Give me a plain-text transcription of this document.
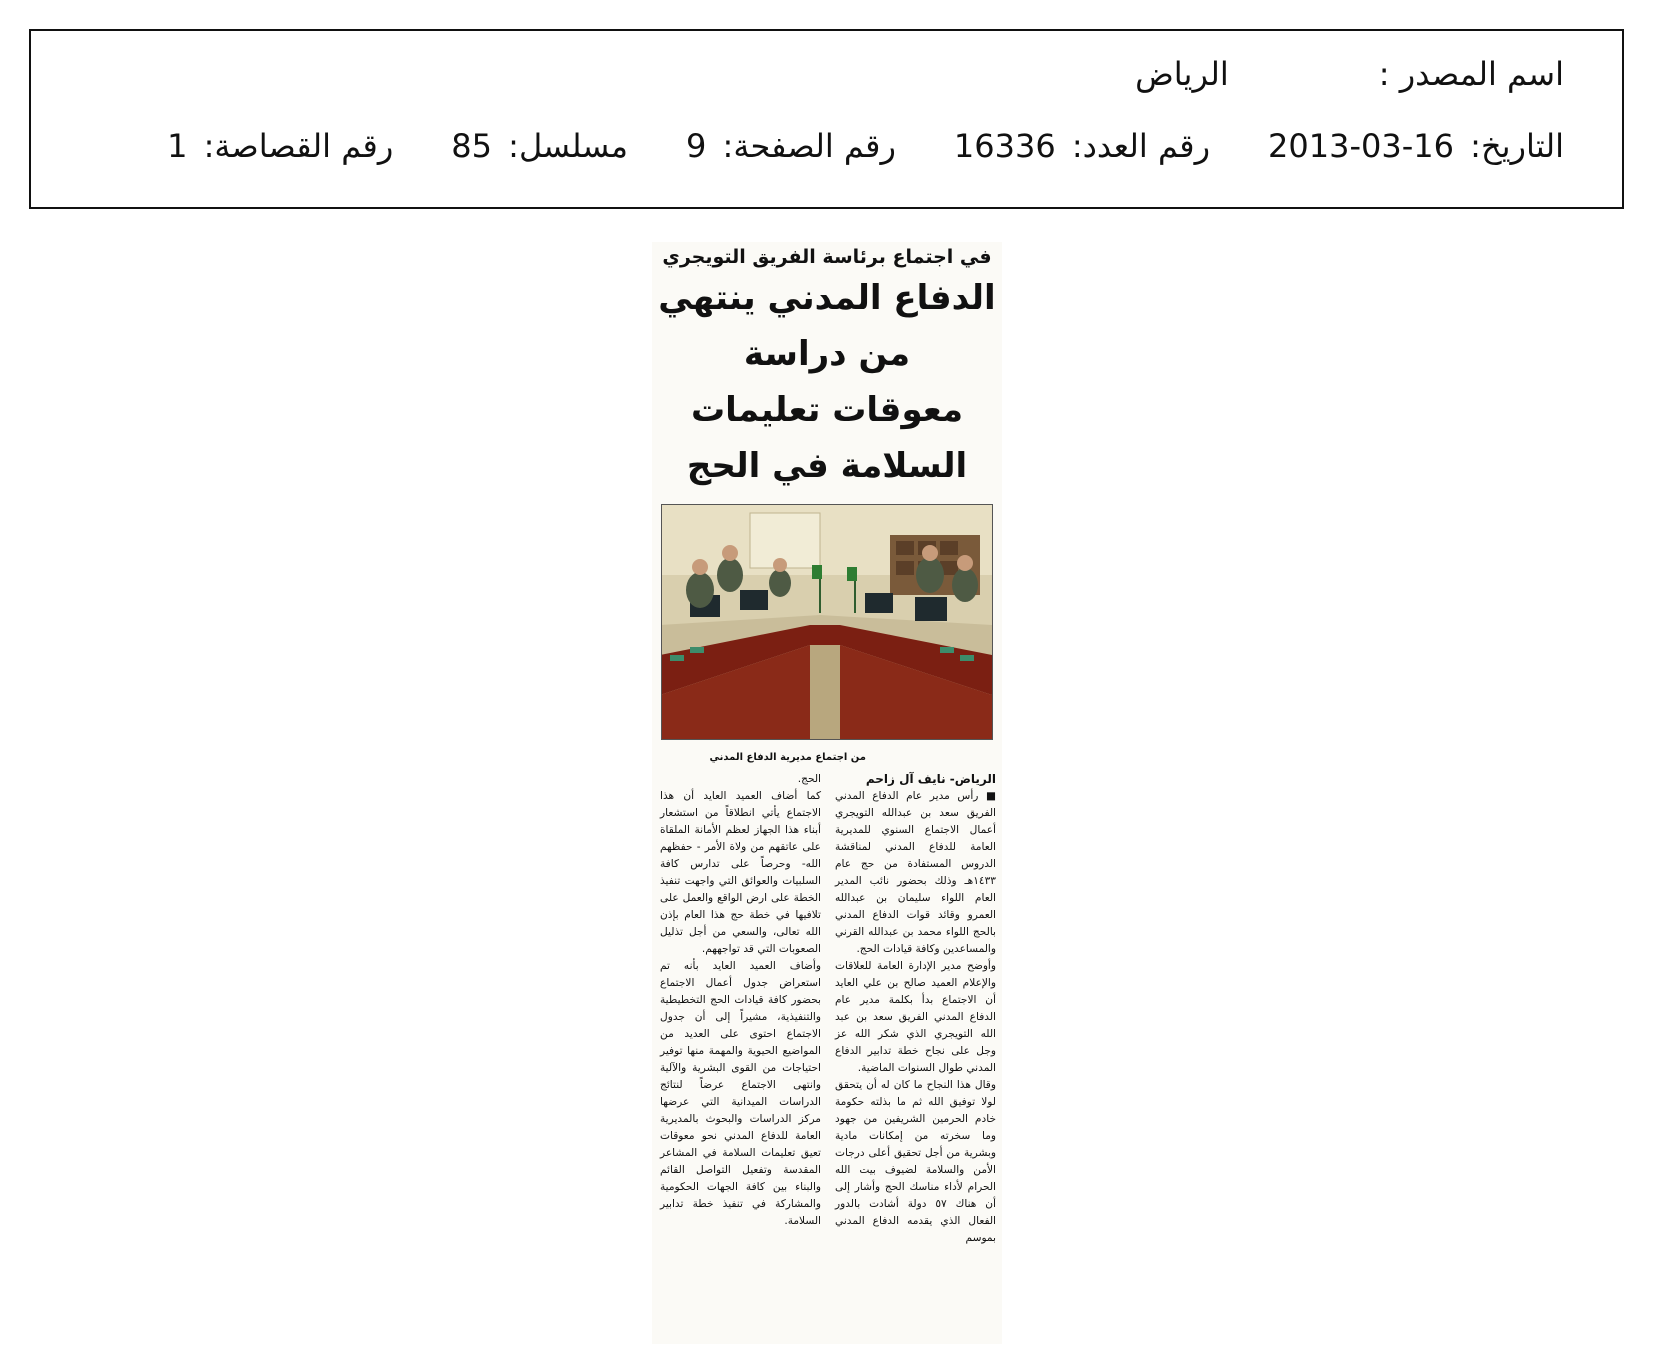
اسم المصدر :
الرياض
التاريخ: 2013-03-16
رقم العدد: 16336
رقم الصفحة: 9
مسلسل: 85
رقم القصاصة: 1
في اجتماع برئاسة الفريق التويجري
الدفاع المدني ينتهي من دراسة
معوقات تعليمات السلامة في الحج
من اجتماع مديرية الدفاع المدني
الرياض- نايف آل زاحم

■ رأس مدير عام الدفاع المدني الفريق سعد بن عبدالله التويجري أعمال الاجتماع السنوي للمديرية العامة للدفاع المدني لمناقشة الدروس المستفادة من حج عام ١٤٣٣هـ وذلك بحضور نائب المدير العام اللواء سليمان بن عبدالله العمرو وقائد قوات الدفاع المدني بالحج اللواء محمد بن عبدالله القرني والمساعدين وكافة قيادات الحج.

وأوضح مدير الإدارة العامة للعلاقات والإعلام العميد صالح بن علي العايد أن الاجتماع بدأ بكلمة مدير عام الدفاع المدني الفريق سعد بن عبد الله التويجري الذي شكر الله عز وجل على نجاح خطة تدابير الدفاع المدني طوال السنوات الماضية.

وقال هذا النجاح ما كان له أن يتحقق لولا توفيق الله ثم ما بذلته حكومة خادم الحرمين الشريفين من جهود وما سخرته من إمكانات مادية وبشرية من أجل تحقيق أعلى درجات الأمن والسلامة لضيوف بيت الله الحرام لأداء مناسك الحج وأشار إلى أن هناك ٥٧ دولة أشادت بالدور الفعال الذي يقدمه الدفاع المدني بموسم

الحج.

كما أضاف العميد العايد أن هذا الاجتماع يأتي انطلاقاً من استشعار أبناء هذا الجهاز لعظم الأمانة الملقاة على عاتقهم من ولاة الأمر - حفظهم الله- وحرصاً على تدارس كافة السلبيات والعوائق التي واجهت تنفيذ الخطة على ارض الواقع والعمل على تلافيها في خطة حج هذا العام بإذن الله تعالى، والسعي من أجل تذليل الصعوبات التي قد تواجههم.

وأضاف العميد العايد بأنه تم استعراض جدول أعمال الاجتماع بحضور كافة قيادات الحج التخطيطية والتنفيذية، مشيراً إلى أن جدول الاجتماع احتوى على العديد من المواضيع الحيوية والمهمة منها توفير احتياجات من القوى البشرية والآلية وانتهى الاجتماع عرضاً لنتائج الدراسات الميدانية التي عرضها مركز الدراسات والبحوث بالمديرية العامة للدفاع المدني نحو معوقات تعيق تعليمات السلامة في المشاعر المقدسة وتفعيل التواصل القائم والبناء بين كافة الجهات الحكومية والمشاركة في تنفيذ خطة تدابير السلامة.
